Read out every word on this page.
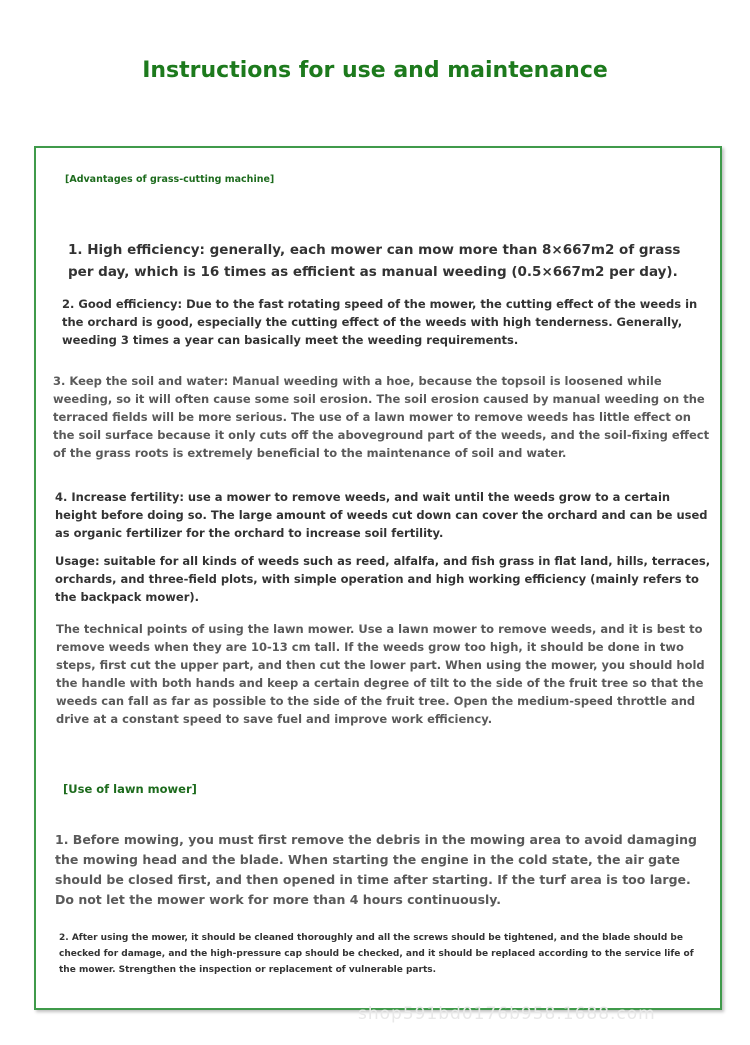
Instructions for use and maintenance

[Advantages of grass-cutting machine]

1. High efficiency: generally, each mower can mow more than 8×667m2 of grass per day, which is 16 times as efficient as manual weeding (0.5×667m2 per day).

2. Good efficiency: Due to the fast rotating speed of the mower, the cutting effect of the weeds in the orchard is good, especially the cutting effect of the weeds with high tenderness. Generally, weeding 3 times a year can basically meet the weeding requirements.

3. Keep the soil and water: Manual weeding with a hoe, because the topsoil is loosened while weeding, so it will often cause some soil erosion. The soil erosion caused by manual weeding on the terraced fields will be more serious. The use of a lawn mower to remove weeds has little effect on the soil surface because it only cuts off the aboveground part of the weeds, and the soil-fixing effect of the grass roots is extremely beneficial to the maintenance of soil and water.

4. Increase fertility: use a mower to remove weeds, and wait until the weeds grow to a certain height before doing so. The large amount of weeds cut down can cover the orchard and can be used as organic fertilizer for the orchard to increase soil fertility.

Usage: suitable for all kinds of weeds such as reed, alfalfa, and fish grass in flat land, hills, terraces, orchards, and three-field plots, with simple operation and high working efficiency (mainly refers to the backpack mower).

The technical points of using the lawn mower. Use a lawn mower to remove weeds, and it is best to remove weeds when they are 10-13 cm tall. If the weeds grow too high, it should be done in two steps, first cut the upper part, and then cut the lower part. When using the mower, you should hold the handle with both hands and keep a certain degree of tilt to the side of the fruit tree so that the weeds can fall as far as possible to the side of the fruit tree. Open the medium-speed throttle and drive at a constant speed to save fuel and improve work efficiency.

[Use of lawn mower]

1. Before mowing, you must first remove the debris in the mowing area to avoid damaging the mowing head and the blade. When starting the engine in the cold state, the air gate should be closed first, and then opened in time after starting. If the turf area is too large. Do not let the mower work for more than 4 hours continuously.

2. After using the mower, it should be cleaned thoroughly and all the screws should be tightened, and the blade should be checked for damage, and the high-pressure cap should be checked, and it should be replaced according to the service life of the mower. Strengthen the inspection or replacement of vulnerable parts.

shop591bd0176b958.1688.com
